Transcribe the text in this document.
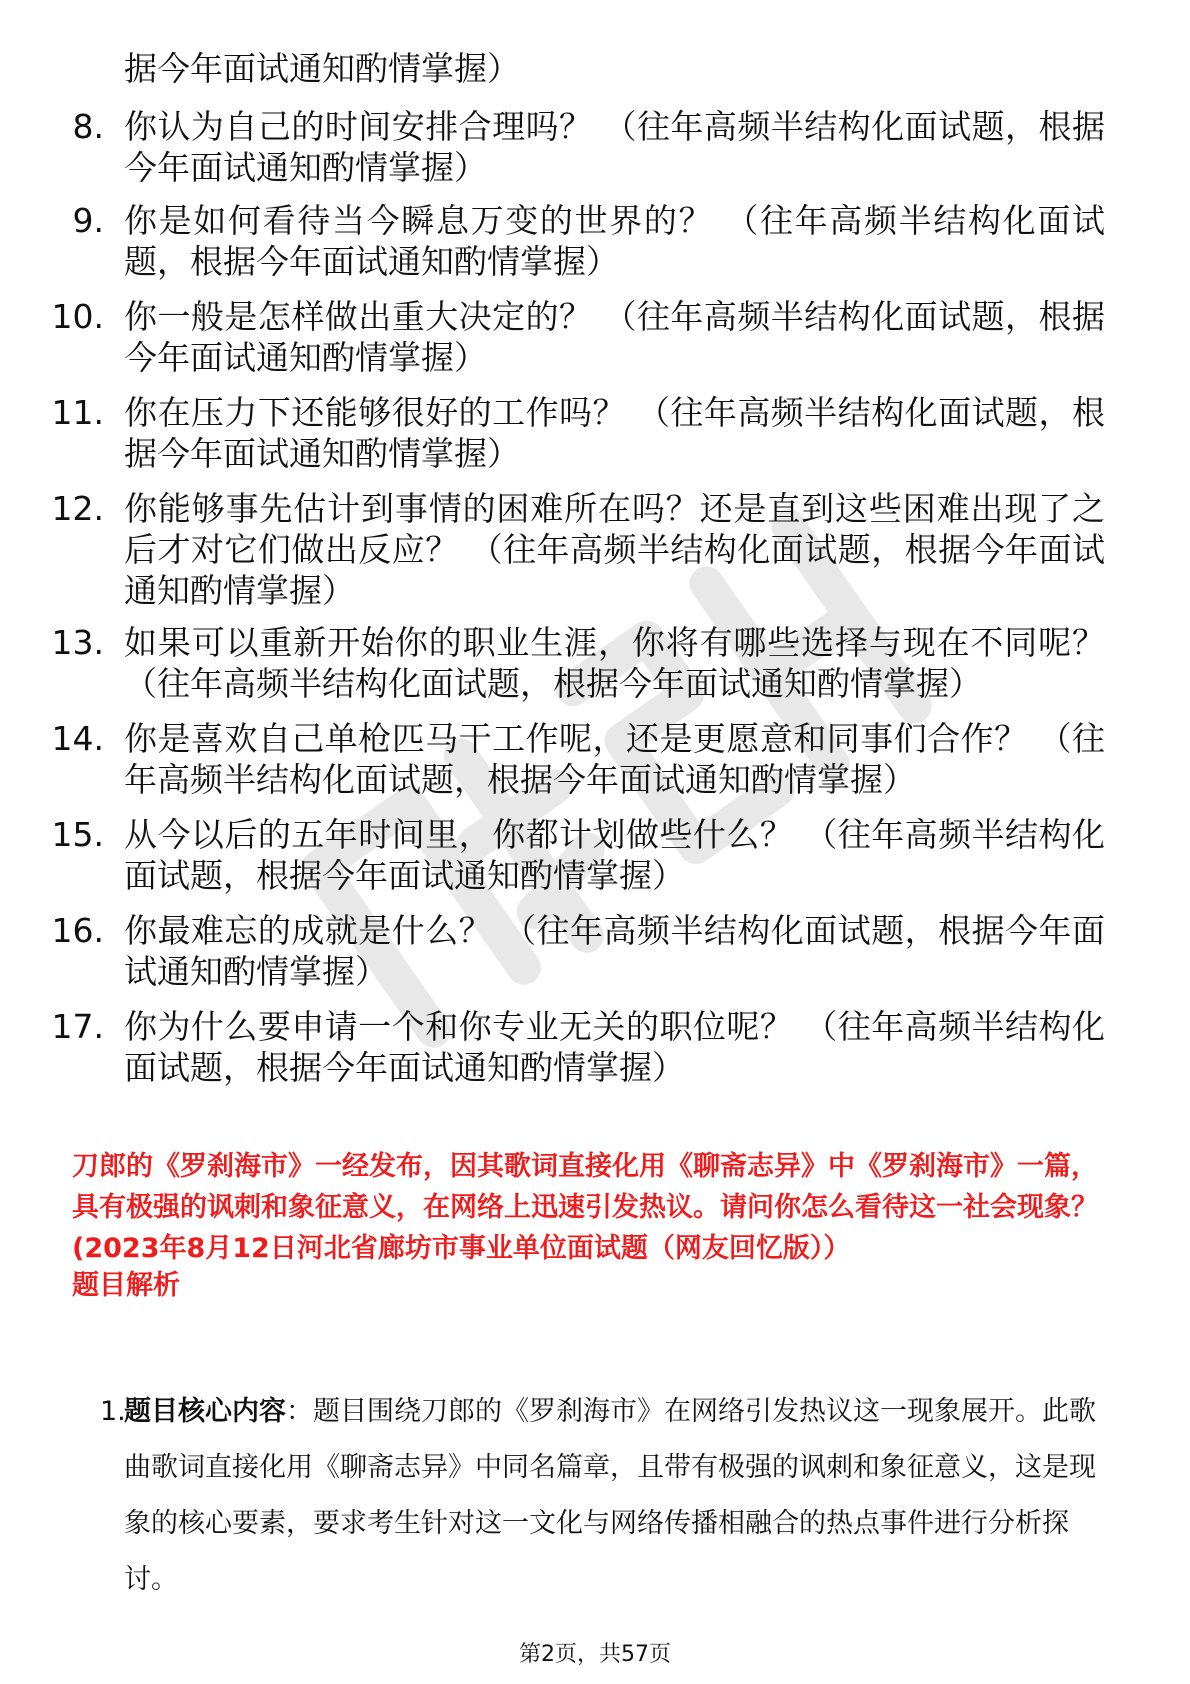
据今年面试通知酌情掌握）
8. 你认为自己的时间安排合理吗？ （往年高频半结构化面试题，根据今年面试通知酌情掌握）
9. 你是如何看待当今瞬息万变的世界的？ （往年高频半结构化面试题，根据今年面试通知酌情掌握）
10. 你一般是怎样做出重大决定的？ （往年高频半结构化面试题，根据今年面试通知酌情掌握）
11. 你在压力下还能够很好的工作吗？ （往年高频半结构化面试题，根据今年面试通知酌情掌握）
12. 你能够事先估计到事情的困难所在吗？还是直到这些困难出现了之后才对它们做出反应？ （往年高频半结构化面试题，根据今年面试通知酌情掌握）
13. 如果可以重新开始你的职业生涯，你将有哪些选择与现在不同呢？ （往年高频半结构化面试题，根据今年面试通知酌情掌握）
14. 你是喜欢自己单枪匹马干工作呢，还是更愿意和同事们合作？ （往年高频半结构化面试题，根据今年面试通知酌情掌握）
15. 从今以后的五年时间里，你都计划做些什么？ （往年高频半结构化面试题，根据今年面试通知酌情掌握）
16. 你最难忘的成就是什么？ （往年高频半结构化面试题，根据今年面试通知酌情掌握）
17. 你为什么要申请一个和你专业无关的职位呢？ （往年高频半结构化面试题，根据今年面试通知酌情掌握）
刀郎的《罗刹海市》一经发布，因其歌词直接化用《聊斋志异》中《罗刹海市》一篇，具有极强的讽刺和象征意义，在网络上迅速引发热议。请问你怎么看待这一社会现象？(2023年8月12日河北省廊坊市事业单位面试题（网友回忆版））
题目解析
1.
题目核心内容：题目围绕刀郎的《罗刹海市》在网络引发热议这一现象展开。此歌曲歌词直接化用《聊斋志异》中同名篇章，且带有极强的讽刺和象征意义，这是现象的核心要素，要求考生针对这一文化与网络传播相融合的热点事件进行分析探讨。
第2页，共57页
